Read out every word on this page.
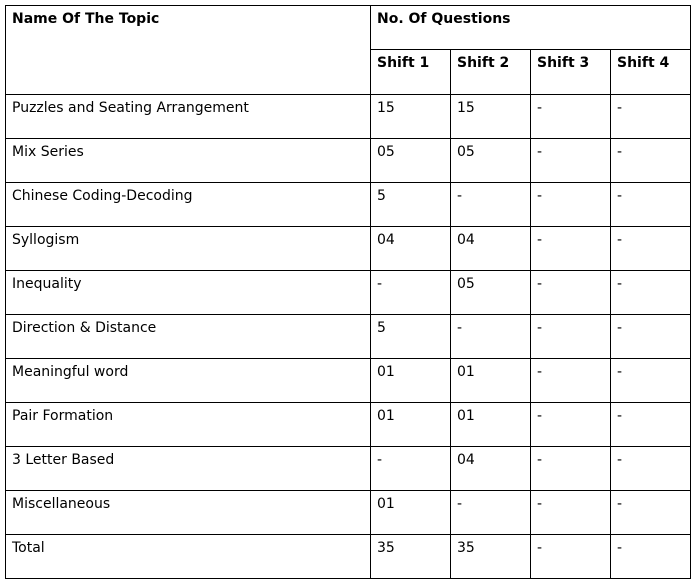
Name Of The Topic	No. Of Questions			
	Shift 1	Shift 2	Shift 3	Shift 4
Puzzles and Seating Arrangement	15	15	-	-
Mix Series	05	05	-	-
Chinese Coding-Decoding	5	-	-	-
Syllogism	04	04	-	-
Inequality	-	05	-	-
Direction & Distance	5	-	-	-
Meaningful word	01	01	-	-
Pair Formation	01	01	-	-
3 Letter Based	-	04	-	-
Miscellaneous	01	-	-	-
Total	35	35	-	-
